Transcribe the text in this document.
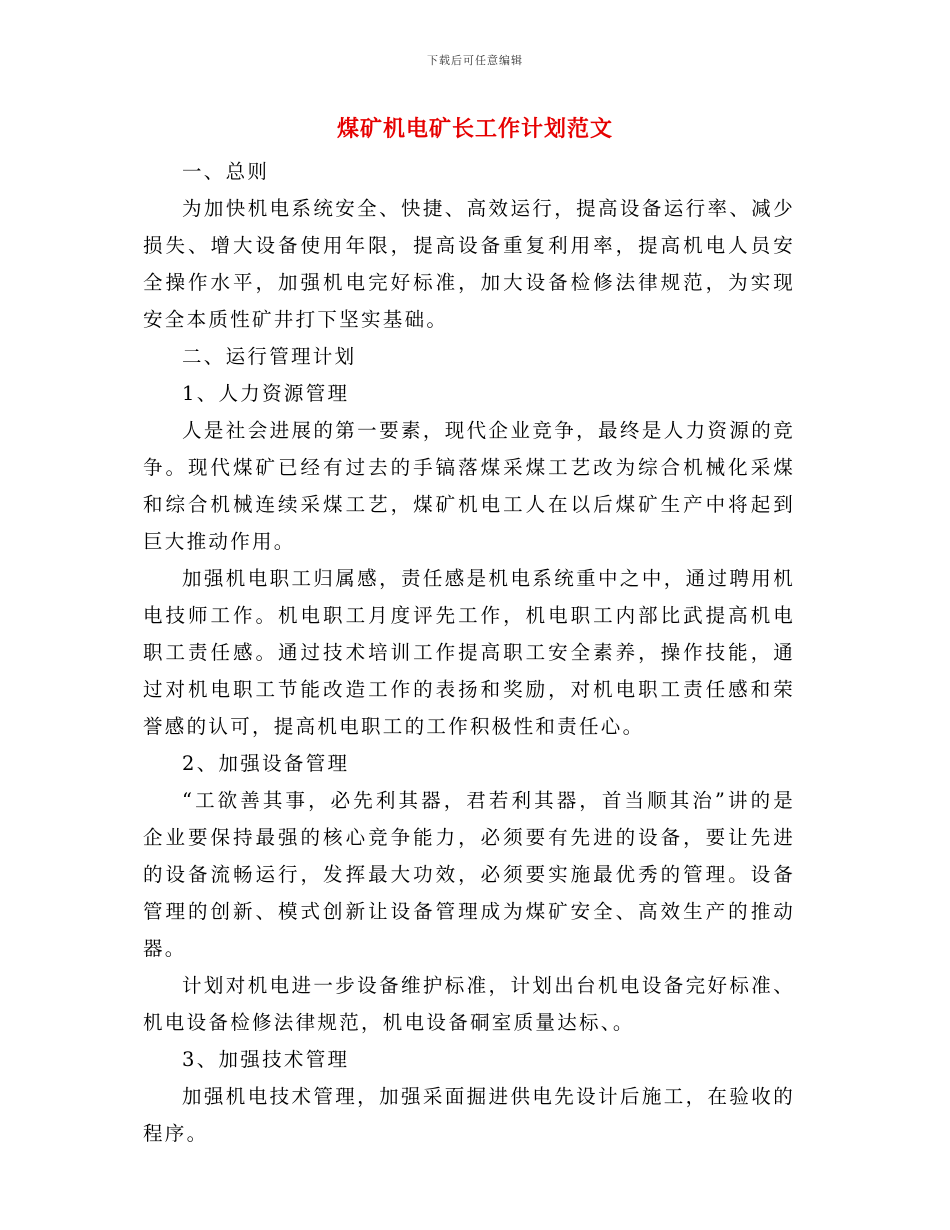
下载后可任意编辑
煤矿机电矿长工作计划范文

一、总则

为加快机电系统安全、快捷、高效运行，提高设备运行率、减少损失、增大设备使用年限，提高设备重复利用率，提高机电人员安全操作水平，加强机电完好标准，加大设备检修法律规范，为实现安全本质性矿井打下坚实基础。

二、运行管理计划

1、人力资源管理

人是社会进展的第一要素，现代企业竞争，最终是人力资源的竞争。现代煤矿已经有过去的手镐落煤采煤工艺改为综合机械化采煤和综合机械连续采煤工艺，煤矿机电工人在以后煤矿生产中将起到巨大推动作用。

加强机电职工归属感，责任感是机电系统重中之中，通过聘用机电技师工作。机电职工月度评先工作，机电职工内部比武提高机电职工责任感。通过技术培训工作提高职工安全素养，操作技能，通过对机电职工节能改造工作的表扬和奖励，对机电职工责任感和荣誉感的认可，提高机电职工的工作积极性和责任心。

2、加强设备管理

“工欲善其事，必先利其器，君若利其器，首当顺其治”讲的是企业要保持最强的核心竞争能力，必须要有先进的设备，要让先进的设备流畅运行，发挥最大功效，必须要实施最优秀的管理。设备管理的创新、模式创新让设备管理成为煤矿安全、高效生产的推动器。

计划对机电进一步设备维护标准，计划出台机电设备完好标准、机电设备检修法律规范，机电设备硐室质量达标、。

3、加强技术管理

加强机电技术管理，加强采面掘进供电先设计后施工，在验收的程序。
